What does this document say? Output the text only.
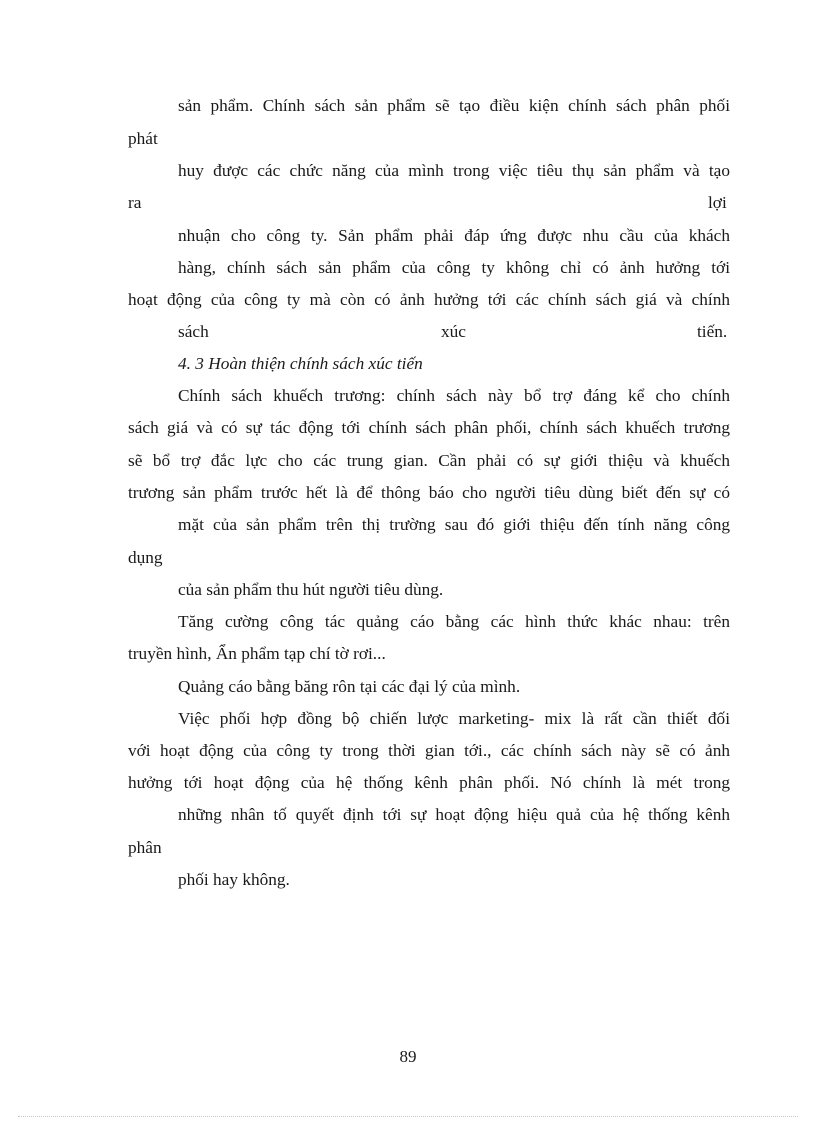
sản phẩm. Chính sách sản phẩm sẽ tạo điều kiện chính sách phân phối
phát
huy được các chức năng của mình trong việc tiêu thụ sản phẩm và tạo
ra	lợi
nhuận cho công ty. Sản phẩm phải đáp ứng được nhu cầu của khách
hàng, chính sách sản phẩm của công ty không chỉ có ảnh hưởng tới
hoạt động của công ty mà còn có ảnh hưởng tới các chính sách giá và chính
sách	xúc	tiến.
4. 3 Hoàn thiện chính sách xúc tiến
Chính sách khuếch trương: chính sách này bổ trợ đáng kể cho chính
sách giá và có sự tác động tới chính sách phân phối, chính sách khuếch trương
sẽ bổ trợ đắc lực cho các trung gian. Cần phải có sự giới thiệu và khuếch
trương sản phẩm trước hết là để thông báo cho người tiêu dùng biết đến sự có
mặt của sản phẩm trên thị trường sau đó giới thiệu đến tính năng công
dụng
của sản phẩm thu hút người tiêu dùng.
Tăng cường công tác quảng cáo bằng các hình thức khác nhau: trên
truyền hình, Ẩn phẩm tạp chí tờ rơi...
Quảng cáo bằng băng rôn tại các đại lý của mình.
Việc phối hợp đồng bộ chiến lược marketing- mix là rất cần thiết đối
với hoạt động của công ty trong thời gian tới., các chính sách này sẽ có ảnh
hưởng tới hoạt động của hệ thống kênh phân phối. Nó chính là mét trong
những nhân tố quyết định tới sự hoạt động hiệu quả của hệ thống kênh
phân
phối hay không.
89
